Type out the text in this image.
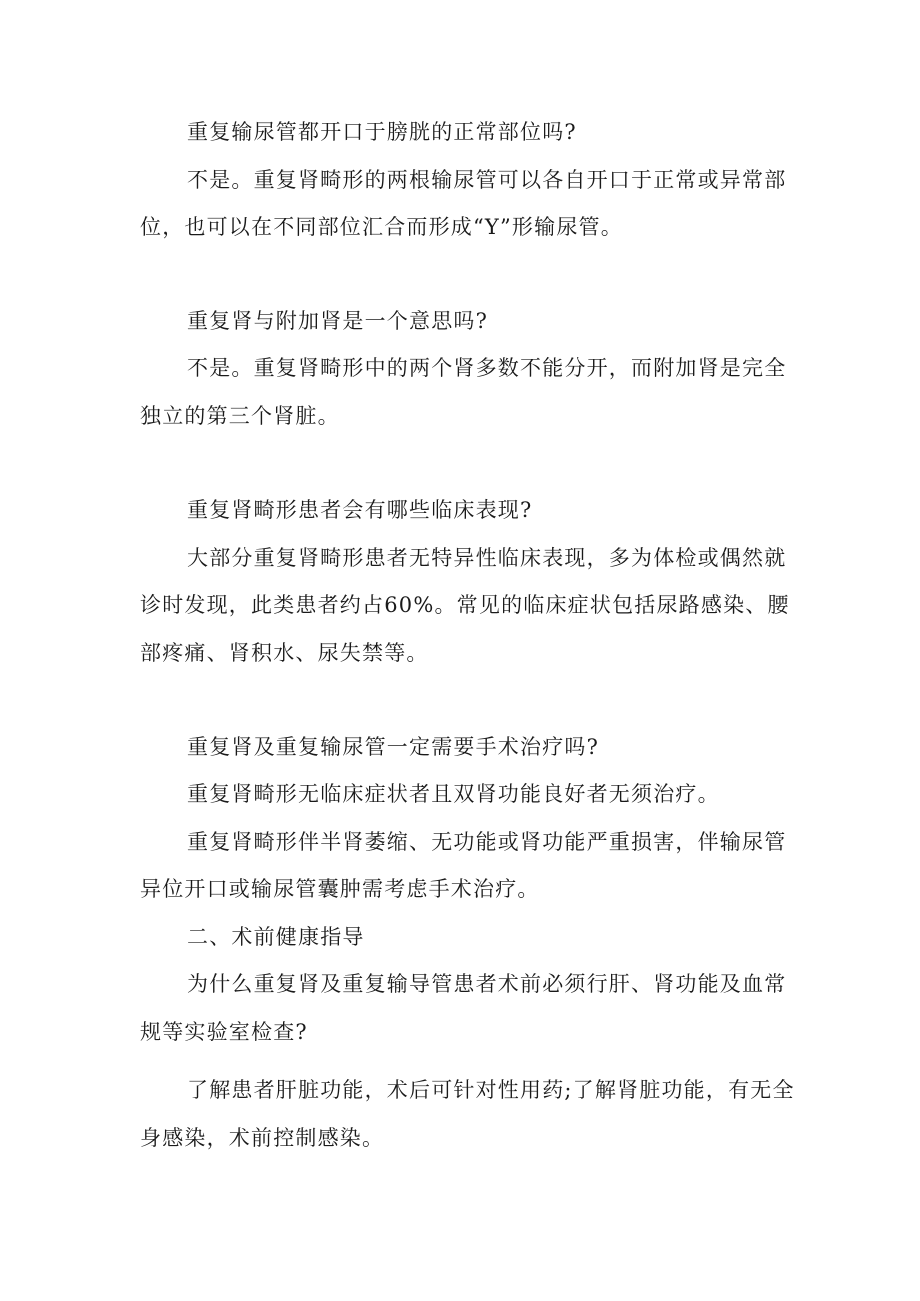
重复输尿管都开口于膀胱的正常部位吗?
不是。重复肾畸形的两根输尿管可以各自开口于正常或异常部
位，也可以在不同部位汇合而形成“Y”形输尿管。
重复肾与附加肾是一个意思吗?
不是。重复肾畸形中的两个肾多数不能分开，而附加肾是完全
独立的第三个肾脏。
重复肾畸形患者会有哪些临床表现?
大部分重复肾畸形患者无特异性临床表现，多为体检或偶然就
诊时发现，此类患者约占60%。常见的临床症状包括尿路感染、腰
部疼痛、肾积水、尿失禁等。
重复肾及重复输尿管一定需要手术治疗吗?
重复肾畸形无临床症状者且双肾功能良好者无须治疗。
重复肾畸形伴半肾萎缩、无功能或肾功能严重损害，伴输尿管
异位开口或输尿管囊肿需考虑手术治疗。
二、术前健康指导
为什么重复肾及重复输导管患者术前必须行肝、肾功能及血常
规等实验室检查?
了解患者肝脏功能，术后可针对性用药;了解肾脏功能，有无全
身感染，术前控制感染。
